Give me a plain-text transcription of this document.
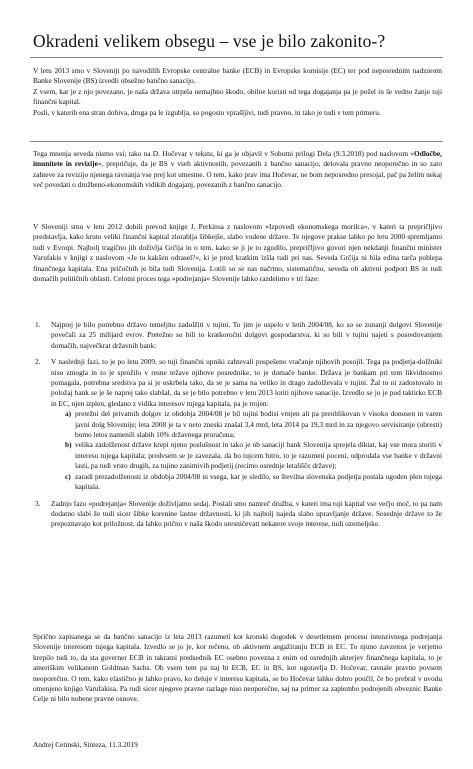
Okradeni velikem obsegu – vse je bilo zakonito-?

V letu 2013 smo v Sloveniji po navodilih Evropske centralne banke (ECB) in Evropske komisije (EC) ter pod neposrednim nadzorom Banke Slovenije (BS) izvedli obsežno bančno sanacijo.

Z vsem, kar je z njo povezano, je naša država utrpela nemajhno škodo, obilne koristi od tega dogajanja pa je požel in še vedno žanje tuji finančni kapital.

Posli, v katerih ena stran dobiva, druga pa le izgublja, so pogosto vprašljivi, tudi pravno, in tako je tudi v tem primeru.

Tega mnenja seveda nismo vsi; tako na D. Hočevar v tekstu, ki ga je objavil v Sobotni prilogi Dela (9.3.2018) pod naslovom »Odločbe, imunitete in revizije«, prepričuje, da je BS v vseh aktivnostih, povezanih z bančno sanacijo, delovala pravno neoporečno in so zato zahteve za revizijo njenega ravnanja vse prej kot umestne. O tem, kako prav ima Hočevar, ne bom neposredno presojal, pač pa želim nekaj več povedati o družbeno-ekonomskih vidikih dogajanj, povezanih z bančno sanacijo.

V Sloveniji smo v letu 2012 dobili prevod knjige J. Perkinsa z naslovom »Izpovedi ekonomskega morilca«, v kateri ta prepričljivo predstavlja, kako kruto veliki finančni kapital zlorablja šibkejše, slabo vodene države. Te njegove prakse lahko po letu 2000 spremljamo tudi v Evropi. Najbolj tragično jih doživlja Grčija in o tem, kako se ji je to zgodilo, prepričljivo govori njen nekdanji finančni minister Varufakis v knjigi z naslovom »Je tu kakšen odrasel?«, ki je pred kratkim izšla tudi pri nas. Seveda Grčija ni bila edina tarča pohlepa finančnega kapitala. Ena pričočnih je bila tudi Slovenija. Lotili so se nas načrtno, sistematično, seveda ob aktivni podpori BS in tudi domačih političnih oblasti. Celotni proces tega »podrejanja« Slovenije lahko razdelimo v tri faze:

1. Najprej je bilo potrebno državo temeljito zadolžiti v tujini. To jim je uspelo v letih 2004/08, ko so se zunanji dolgovi Slovenije povečali za 25 milijard evrov. Pretežno so bili to kratkoročni dolgovi gospodarstva, ki so bili v tujini najeti s posredovanjem domačih, največkrat državnih bank:
2. V naslednji fazi, to je po letu 2009, so tuji finančni upniki zahtevali pospešeno vračanje njihovih posojil. Tega pa podjetja-dolžniki niso zmogla in to je sprožilo v resne težave njihove posrednike, to je domače banke. Država je bankam pri tem likvidnostno pomagala, potrebna sredstva pa si je oskrbela tako, da se je sama na veliko in drago zadolževala v tujini. Žal to ni zadostovalo in položaj bank se je še naprej tako slabšal, da se je bilo potrebno v letu 2013 lotiti njihove sanacije. Izvedlo se jo je pod taktirko ECB in EC, njen izplen, gledano z vidika interesov tujega kapitala, pa je trojen:
a) pretežni del privatnih dolgov iz obdobja 2004/08 je bil tujini bodisi vrnjen ali pa preoblikovan v visoko donosen in varen javni dolg Slovenije; leta 2008 je ta v neto zneski znašal 3,4 mrd, leta 2014 pa 19,3 mrd in za njegovo servisiranje (obresti) bomo letos namenili slabih 10% državnega proračuna;
b) velika zadolženost države krepi njeno poslušnost in tako je ob sanaciji bank Slovenija sprejela diktat, kaj vse mora storiti v interesu tujega kapitala; predvsem se je zavezala, da bo tujcem hitro, to je razumeti poceni, odprodala vse banke v državni lasti, pa tudi vrsto drugih, za tujino zanimivih podjetij (recimo osrednje letališče države);
c) zaradi prezadolženosti iz obdobja 2004/08 in vsega, kar je sledilo, so številna slovenska podjetja postala ugoden plen tujega kapitala.
3. Zadnjo fazo »podrejanja« Slovenije doživljamo sedaj. Postali smo namreč družba, v kateri ima tuji kapital vse večjo moč, to pa nam dodatno slabi že tudi sicer šibke korenine lastne državnosti, ki jih najbolj najeda slabo upravljanje države. Sosednje države to že prepoznavajo kot priložnost, da lahko prično v naša škodo uresničevati nekatere svoje interese, tudi ozemeljske.

Sprično zapisanega se da bančno sanacijo iz leta 2013 razumeti kot kronski dogodek v desetletnem procesu intenzivnega podrejanja Slovenije interesom tujega kapitala. Izvedlo se jo je, kot rečeno, ob aktivnem angažiranju ECB in EC. To njuno zavzetost je verjetno krepilo tudi to, da sta guverner ECB in takratni predsednik EC osebno povezna z enim od osrednjih akterjev finančnega kapitala, to je ameriškim velikanom Goldman Sachs. Ob vsem tem pa naj bi ECB, EC in BS, kot ugotavlja D. Hočevar, ravnale pravno povsem neoporečno. O tem, kako elastično je lahko pravo, ko deluje v interesu kapitala, se bo Hočevar lahko dobro poučil, če bo prebral v uvodu omenjeno knjigo Varufakisa. Pa rudi sicer njegove pravne razlage niso neoporečne, saj na primer za zaplembo podrejenih obveznic Banke Celje ni bilo nobene pravne osnove.

Andrej Cetinski, Sinteza, 11.3.2019
